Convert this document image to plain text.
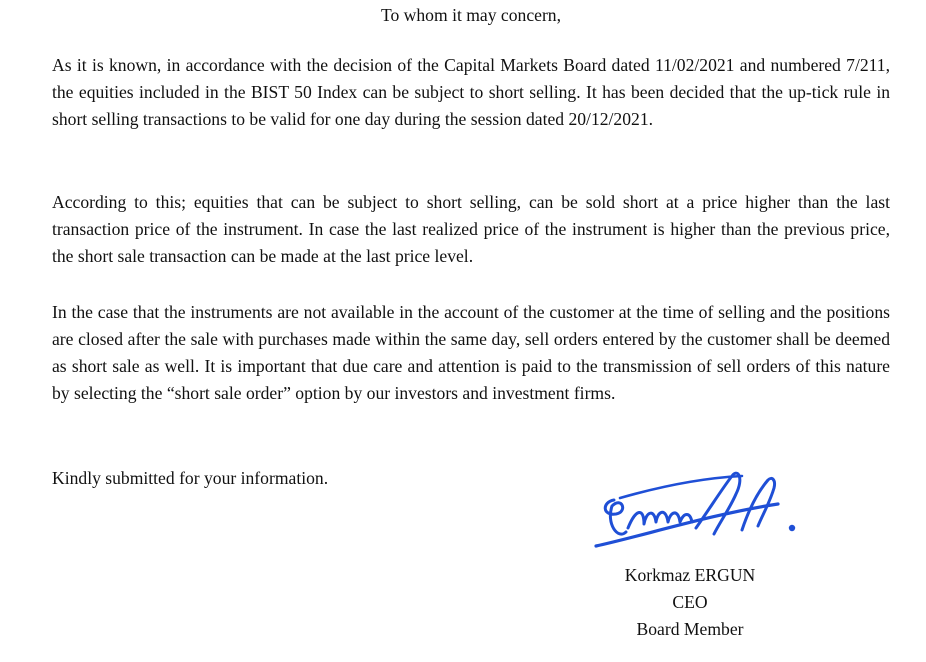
To whom it may concern,

As it is known, in accordance with the decision of the Capital Markets Board dated 11/02/2021 and numbered 7/211, the equities included in the BIST 50 Index can be subject to short selling. It has been decided that the up-tick rule in short selling transactions to be valid for one day during the session dated 20/12/2021.

According to this; equities that can be subject to short selling, can be sold short at a price higher than the last transaction price of the instrument. In case the last realized price of the instrument is higher than the previous price, the short sale transaction can be made at the last price level.

In the case that the instruments are not available in the account of the customer at the time of selling and the positions are closed after the sale with purchases made within the same day, sell orders entered by the customer shall be deemed as short sale as well. It is important that due care and attention is paid to the transmission of sell orders of this nature by selecting the “short sale order” option by our investors and investment firms.

Kindly submitted for your information.
Korkmaz ERGUN
CEO
Board Member
